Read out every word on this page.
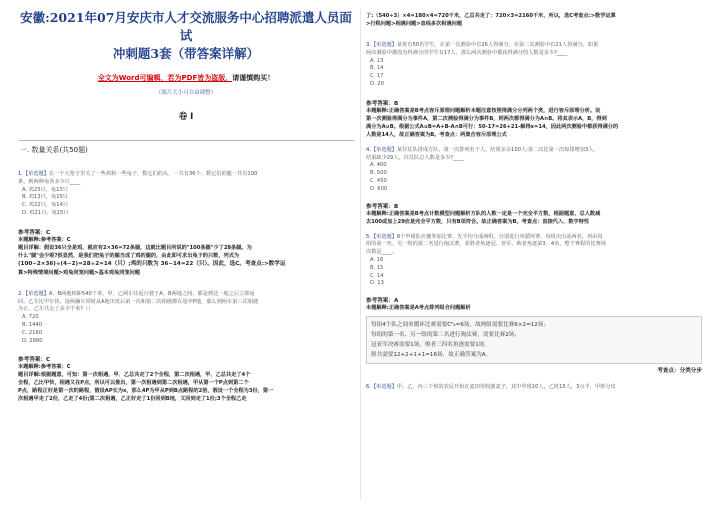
安徽:2021年07月安庆市人才交流服务中心招聘派遣人员面试
冲刺题3套（带答案详解）
全文为Word可编辑，若为PDF皆为盗版，请谨慎购买！
（图片大小可自由调整）
卷 I
一. 数量关系(共50题)
1.【单选题】在一个大笼子里关了一些鸡和一些兔子，数它们的头，一共有36个；数它们的腿一共有100
条，则两种兔各多少只____
A. 鸡23只，兔13只
B. 鸡13只，兔15只
C. 鸡22只，兔14只
D. 鸡21只，兔15只
参考答案：C
本题解释:参考答案：C
题目详解：假设36只全是鸡，就应有2×36=72条腿，这就比题目所说的"100条腿"少了28条腿。为
什么"腿"会少呢?很显然，是我们把兔子的腿当成了鸡的腿的，由此即可求出兔子的只数，列式为
(100−2×36)÷(4−2)=28÷2=14（只）;鸡的只数为 36−14=22（只）。因此，选C。考查点:>数学运
算>特殊情境问题>鸡兔同笼问题>基本鸡兔同笼问题
2.【单选题】A、B两地相距540千米，甲、乙两车往返行驶于A、B两地之间，都是到达一地之后立即返
回，乙车比甲车快，设两辆车同时从A地出发后第一次和第二次相遇都在途中P地，那么到两车第三次相遇
为止，乙车共走了多少千米?（）
A. 720
B. 1440
C. 2160
D. 2880
参考答案：C
本题解释:参考答案：C
题目详解:根据题意，可知：第一次相遇，甲、乙总共走了2个全程，第二次相遇，甲、乙总共走了4个
全程，乙比甲快，相遇又在P点，所以可以推出，第一次相遇到第二次相遇，甲从第一个P点到第二个
P点，路程正好是第一次的路程，假设AP长为x，那么4P为甲从P到B点路程的2倍，假设一个全程为3份，第一
次相遇甲走了2份，乙走了4份;第二次相遇，乙正好走了1份回到B地，又回到走了1份;3个全程乙走
了:（540÷3）×4=180×4=720千米，乙总共走了：720×3=2160千米，所以，选C考查点:>数学运算
>行程问题>相遇问题>直线多次相遇问题
3.【单选题】某班有50名学生，在第一次测验中有26人得满分，在第二次测验中有21人得满分，如果
两次测验中都没有得满分的学生有17人，那么两次测验中都获得满分的人数是多少?____
A. 13
B. 14
C. 17
D. 20
参考答案：B
本题解释:正确答案是B考点容斥原理问题解析本题注意按照得满分分列两个类，进行容斥原理分析。设
第一次测验得满分为事件A，第二次测验得满分为事件B，则两次都得满分为A∩B。将其表示A，B，得到
满分为A∪B。根据公式A∪B=A+B-A∩B可行：50-17=26+21-解得x=14，因此两次测验中都获得满分的
人数是14人，故正确答案为B。考查点：两集合容斥原理公式
4.【单选题】某仪仗队排成方队，第一次排列若干人，结果多余100人;第二次比第一次每排增加3人，
结果缺少29人，仪仗队总人数是多少?____
A. 400
B. 500
C. 450
D. 600
参考答案：B
本题解释:正确答案是B考点计数模型问题解析方队的人数一定是一个完全平方数，根据题意，总人数减
去100或加上29应是完全平方数，只有B项符合。故正确答案为B。考查点：直接代入、数字特性
5.【单选题】8个甲级队应邀参加比赛，先平均分成两组，分别进行单循环赛，每组决出前两名，再由每
组的第一名，另一组的第二名进行淘汰赛，获胜者角逐冠、亚军，败者角逐第3、4名，整个赛程的比赛场
次数是____。
A. 16
B. 15
C. 14
D. 13
参考答案：A
本题解释:正确答案是A考点排列组合问题解析
每组4个队之间单循环比赛需要C²₄=6场，故两组需要比赛6×2=12场；
每组的第一名、另一组的第二名进行淘汰赛，需要比赛2场；
冠亚军决赛需要1场，败者三四名角逐需要1场。
则共需要12+2+1+1=16场，故正确答案为A。
考查点：分类分步
6.【单选题】甲、乙、丙三个班的农民开始在麦田里收割麦子，其中甲班20人，乙班15人，3点半，甲班分出
